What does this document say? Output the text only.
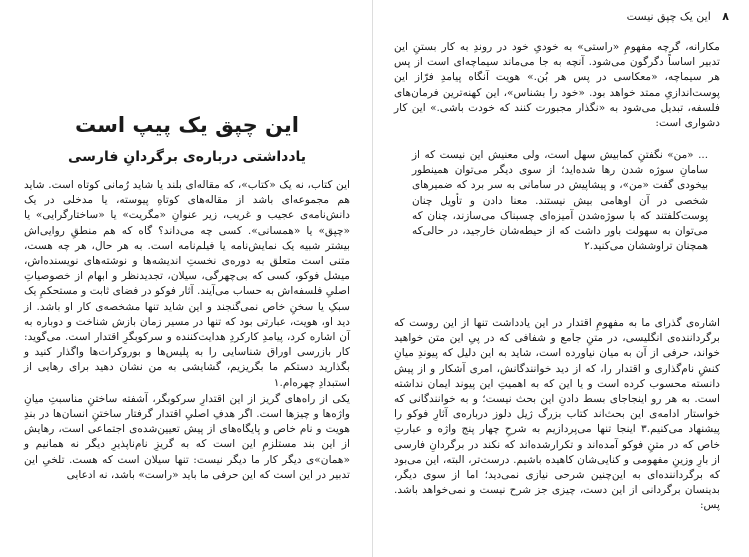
٨ این یک چپق نیست
مکارانه، گرچه مفهومِ «راستی» به خودیِ خود در روندِ به کار بستنِ این تدبیر اساساً دگرگون می‌شود. آنچه به جا می‌ماند سیماچه‌ای است از پس هر سیماچه، «معکاسی در پس هر بُن.» هویت آنگاه پیامدِ فرّاز این پوست‌اندازیِ ممتد خواهد بود. «خود را بشناس»، این کهنه‌ترین فرمان‌های فلسفه، تبدیل می‌شود به «نگذار مجبورت کنند که خودت باشی.» این کار دشواری است:
... «من» نگفتنِ کمابیش سهل است، ولی معنیش این نیست که از سامانِ سوژه شدن رها شده‌اید؛ از سوی دیگر می‌توان همینطور بیخودی گفت «من»، و پیشاپیش در سامانی به سر برد که ضمیرهای شخصی در آن اوهامی بیش نیستند. معنا دادن و تأویل چنان پوست‌کلفتند که با سوژه‌شدن آمیزه‌ای چسبناک می‌سازند، چنان که می‌توان به سهولت باور داشت که از حیطه‌شان خارجید، در حالی‌که همچنان تراوششان می‌کنید.۲
اشاره‌ی گذرای ما به مفهومِ اقتدار در این یادداشت تنها از این روست که برگرداننده‌ی انگلیسی، در متنِ جامع و شفافی که در پیِ این متن خواهید خواند، حرفی از آن به میان نیاورده است، شاید به این دلیل که پیوندِ میانِ کنشِ نام‌گذاری و اقتدار را، که از دید خوانندگانش، امری آشکار و از پیش دانسته محسوب کرده است و یا این که به اهمیتِ این پیوند ایمان نداشته است. به هر رو اینجاجای بسط دادنِ این بحث نیست؛ و به خوانندگانی که خواستار ادامه‌ی این بحث‌اند کتاب بزرگ ژیل دلوز درباره‌ی آثارِ فوکو را پیشنهاد می‌کنیم.۳ اینجا تنها می‌پردازیم به شرحِ چهار پنج واژه و عبارتِ خاص که در متنِ فوکو آمده‌اند و تکرارشده‌اند که نکند در برگردانِ فارسی از بارِ وزینِ مفهومی و کنایی‌شان کاهیده باشیم. درست‌تر، البته، این می‌بود که برگرداننده‌ای به این‌چنین شرحی نیازی نمی‌دید؛ اما از سوی دیگر، بدینسان برگردانی از این دست، چیزی جز شرح نیست و نمی‌خواهد باشد. پس:
این چپق یک پیپ است
یادداشتی درباره‌ی برگردانِ فارسی

این کتاب، نه یک «کتاب»، که مقاله‌ای بلند یا شاید رُمانی کوتاه است. شاید هم مجموعه‌ای باشد از مقاله‌های کوتاهِ پیوسته، یا مدخلی در یک دانش‌نامه‌ی عجیب و غریب، زیر عنوانِ «مگریت» یا «ساختارگرایی» یا «چپق» یا «همسانی». کسی چه می‌داند؟ گاه که هم منطقِ روایی‌اش بیشتر شبیه یک نمایش‌نامه یا فیلم‌نامه است. به هر حال، هر چه هست، متنی است متعلق به دوره‌ی نخستِ اندیشه‌ها و نوشته‌های نویسنده‌اش، میشل فوکو، کسی که بی‌چهرگی، سیلان، تجدیدنظر و ابهام از خصوصیاتِ اصلیِ فلسفه‌اش به حساب می‌آیند. آثار فوکو در فضای ثابت و مستحکمِ یک سبکِ یا سخنِ خاص نمی‌گنجند و این شاید تنها مشخصه‌ی کار او باشد. از دید او، هویت، عبارتی بود که تنها در مسیر زمان بازش شناخت و دوباره به آن اشاره کرد، پیامدِ کارکردِ هدایت‌کننده و سرکوبگرِ اقتدار است. می‌گوید: کار بازرسی اوراق شناسایی را به پلیس‌ها و بوروکرات‌ها واگذار کنید و بگذارید دستکم ما بگریزیم، گشایشی به من نشان دهید برای رهایی از استبدادِ چهره‌ام.۱

یکی از راه‌های گریز از این اقتدارِ سرکوبگر، آشفته ساختنِ مناسبتِ میانِ واژه‌ها و چیزها است. اگر هدفِ اصلیِ اقتدار گرفتار ساختنِ انسان‌ها در بندِ هویت و نام خاص و پایگاه‌های از پیش تعیین‌شده‌ی اجتماعی است، رهایش از این بند مستلزمِ این است که به گریزِ نام‌ناپذیرِ دیگر نه همانیم و «همان‌»‌ی دیگر کار ما دیگر نیست: تنها سیلان است که هست. تلخیِ این تدبیر در این است که این حرفی ما باید «راست» باشد، نه ادعایی
